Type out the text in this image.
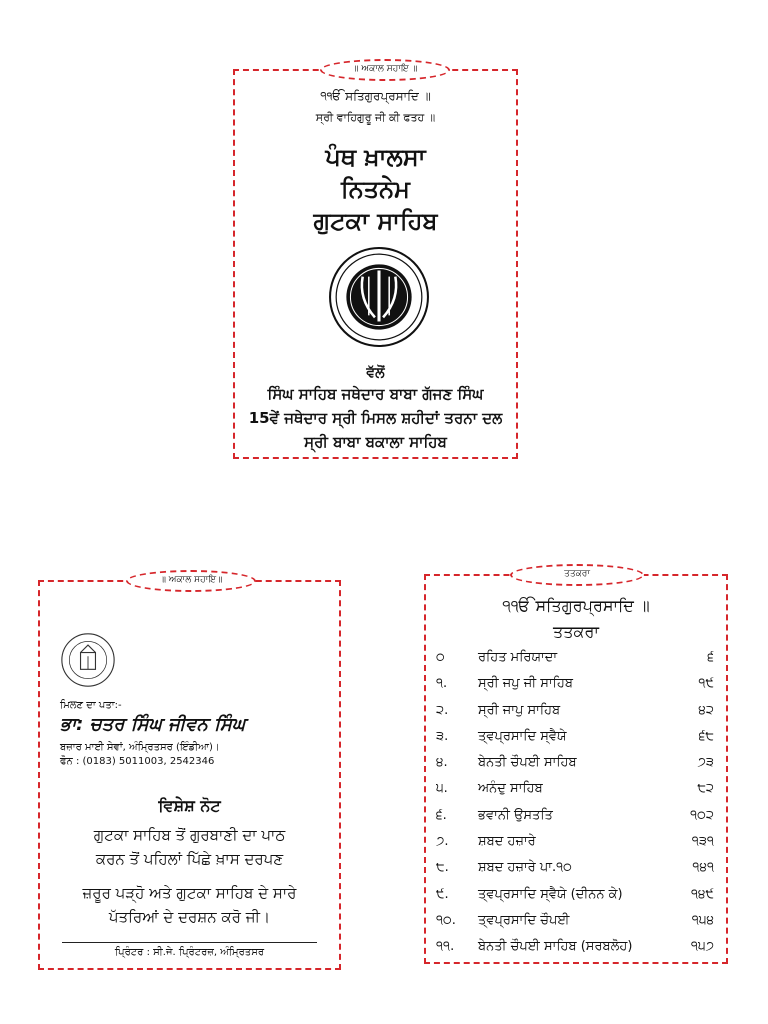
॥ ਅਕਾਲ ਸਹਾਇ ॥
੧ੴ ਸਤਿਗੁਰਪ੍ਰਸਾਦਿ ॥
ਸ੍ਰੀ ਵਾਹਿਗੁਰੂ ਜੀ ਕੀ ਫਤਹ ॥
ਪੰਥ ਖ਼ਾਲਸਾ
ਨਿਤਨੇਮ
ਗੁਟਕਾ ਸਾਹਿਬ
ਵੱਲੋਂ
ਸਿੰਘ ਸਾਹਿਬ ਜਥੇਦਾਰ ਬਾਬਾ ਗੱਜਣ ਸਿੰਘ
15ਵੇਂ ਜਥੇਦਾਰ ਸ੍ਰੀ ਮਿਸਲ ਸ਼ਹੀਦਾਂ ਤਰਨਾ ਦਲ
ਸ੍ਰੀ ਬਾਬਾ ਬਕਾਲਾ ਸਾਹਿਬ
॥ ਅਕਾਲ ਸਹਾਇ॥
ਮਿਲਣ ਦਾ ਪਤਾ:-
ਭਾ: ਚਤਰ ਸਿੰਘ ਜੀਵਨ ਸਿੰਘ
ਬਜ਼ਾਰ ਮਾਈ ਸੇਵਾਂ, ਅੰਮ੍ਰਿਤਸਰ (ਇੰਡੀਆ)।
ਫੋਨ : (0183) 5011003, 2542346
ਵਿਸ਼ੇਸ਼ ਨੋਟ
ਗੁਟਕਾ ਸਾਹਿਬ ਤੋਂ ਗੁਰਬਾਣੀ ਦਾ ਪਾਠ
ਕਰਨ ਤੋਂ ਪਹਿਲਾਂ ਪਿੱਛੇ ਖ਼ਾਸ ਦਰਪਣ
ਜ਼ਰੂਰ ਪੜ੍ਹੋ ਅਤੇ ਗੁਟਕਾ ਸਾਹਿਬ ਦੇ ਸਾਰੇ
ਪੱਤਰਿਆਂ ਦੇ ਦਰਸ਼ਨ ਕਰੋ ਜੀ।
ਪ੍ਰਿੰਟਰ : ਸੀ.ਜੇ. ਪ੍ਰਿੰਟਰਜ਼, ਅੰਮ੍ਰਿਤਸਰ
ਤਤਕਰਾ
੧ੴ ਸਤਿਗੁਰਪ੍ਰਸਾਦਿ ॥
ਤਤਕਰਾ
੦	ਰਹਿਤ ਮਰਿਯਾਦਾ	੬
੧. ਸ੍ਰੀ ਜਪੁ ਜੀ ਸਾਹਿਬ	੧੯
੨. ਸ੍ਰੀ ਜਾਪੁ ਸਾਹਿਬ	੪੨
੩. ਤ੍ਵਪ੍ਰਸਾਦਿ ਸ੍ਵੈਯੇ	੬੮
੪. ਬੇਨਤੀ ਚੌਪਈ ਸਾਹਿਬ	੭੩
੫. ਅਨੰਦੁ ਸਾਹਿਬ	੮੨
੬. ਭਵਾਨੀ ਉਸਤਤਿ	੧੦੨
੭. ਸ਼ਬਦ ਹਜ਼ਾਰੇ	੧੩੧
੮. ਸ਼ਬਦ ਹਜ਼ਾਰੇ ਪਾ.੧੦	੧੪੧
੯. ਤ੍ਵਪ੍ਰਸਾਦਿ ਸ੍ਵੈਯੇ (ਦੀਨਨ ਕੇ)	੧੪੯
੧੦. ਤ੍ਵਪ੍ਰਸਾਦਿ ਚੌਪਈ	੧੫੪
੧੧. ਬੇਨਤੀ ਚੌਪਈ ਸਾਹਿਬ (ਸਰਬਲੋਹ)	੧੫੭
